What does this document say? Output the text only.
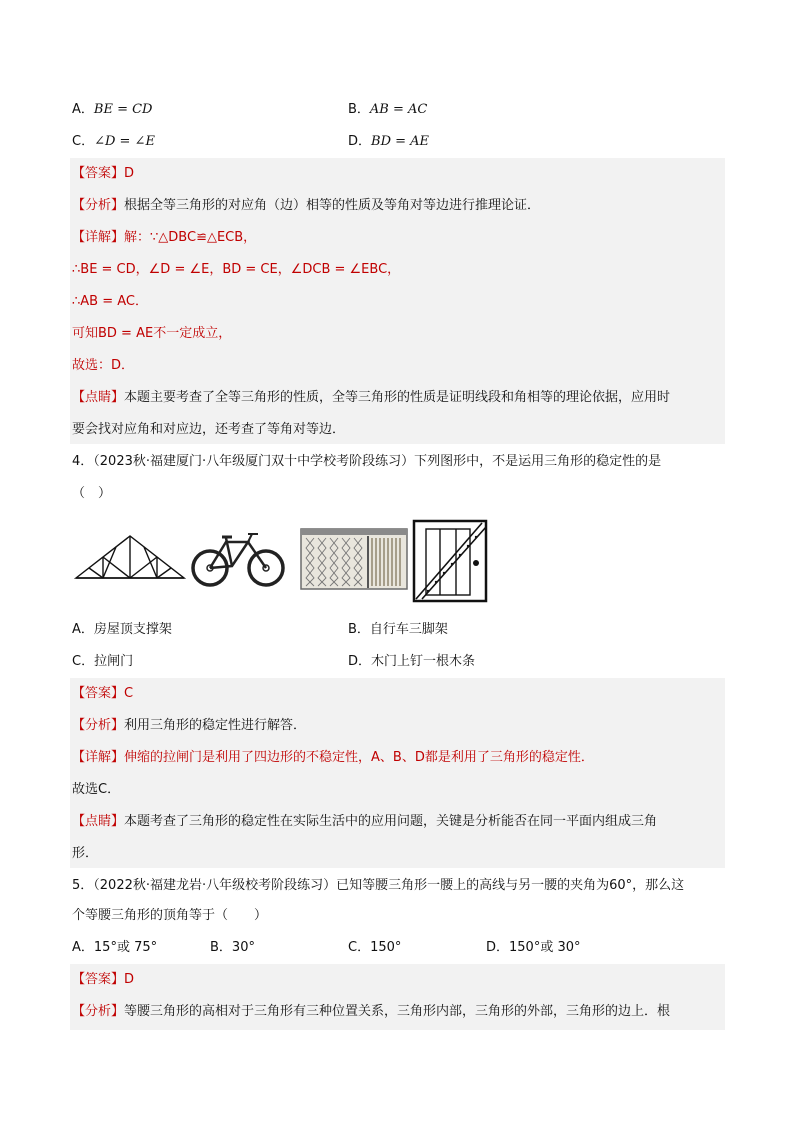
A．BE = CD	B．AB = AC
C．∠D = ∠E	D．BD = AE
【答案】D
【分析】根据全等三角形的对应角（边）相等的性质及等角对等边进行推理论证．
【详解】解：∵△DBC≌△ECB，
∴BE = CD，∠D = ∠E，BD = CE，∠DCB = ∠EBC，
∴AB = AC．
可知BD = AE不一定成立，
故选：D．
【点睛】本题主要考查了全等三角形的性质，全等三角形的性质是证明线段和角相等的理论依据，应用时
要会找对应角和对应边，还考查了等角对等边．
4．（2023秋·福建厦门·八年级厦门双十中学校考阶段练习）下列图形中，不是运用三角形的稳定性的是
（　）
A．房屋顶支撑架	B．自行车三脚架
C．拉闸门	D．木门上钉一根木条
【答案】C
【分析】利用三角形的稳定性进行解答．
【详解】伸缩的拉闸门是利用了四边形的不稳定性，A、B、D都是利用了三角形的稳定性．
故选C．
【点睛】本题考查了三角形的稳定性在实际生活中的应用问题，关键是分析能否在同一平面内组成三角
形．
5．（2022秋·福建龙岩·八年级校考阶段练习）已知等腰三角形一腰上的高线与另一腰的夹角为60°，那么这
个等腰三角形的顶角等于（　　）
A．15°或 75°	B．30°	C．150°	D．150°或 30°
【答案】D
【分析】等腰三角形的高相对于三角形有三种位置关系，三角形内部，三角形的外部，三角形的边上．根
